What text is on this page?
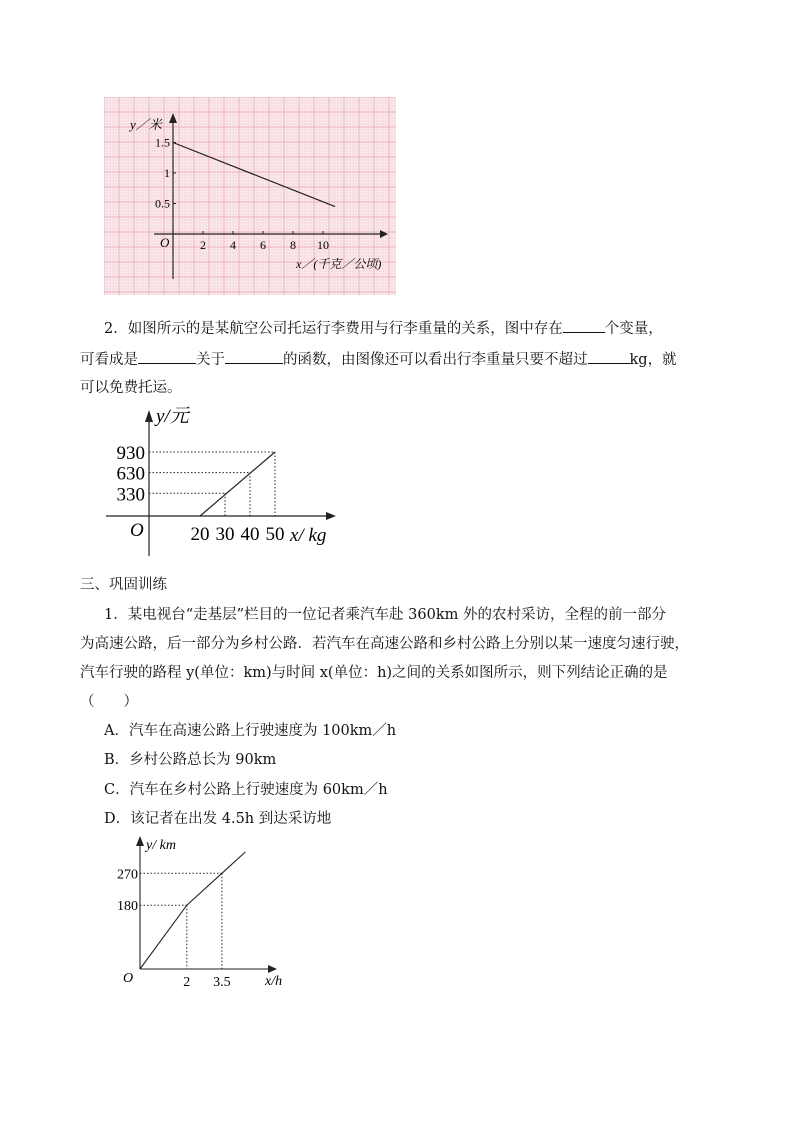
2 4 6 8 10
0.5
1
1.5
y／米
x／(千克／公顷)
O
2．如图所示的是某航空公司托运行李费用与行李重量的关系，图中存在	个变量，
可看成是	关于	的函数，由图像还可以看出行李重量只要不超过	kg，就
可以免费托运。
20 30 40 50
930
630
330
y/元
x/ kg
O
三、巩固训练
1．某电视台“走基层”栏目的一位记者乘汽车赴 360km 外的农村采访，全程的前一部分
为高速公路，后一部分为乡村公路．若汽车在高速公路和乡村公路上分别以某一速度匀速行驶，
汽车行驶的路程 y(单位：km)与时间 x(单位：h)之间的关系如图所示，则下列结论正确的是
（　　）
A．汽车在高速公路上行驶速度为 100km／h
B．乡村公路总长为 90km
C．汽车在乡村公路上行驶速度为 60km／h
D．该记者在出发 4.5h 到达采访地
2 3.5
270
180
y/ km
x/h
O
